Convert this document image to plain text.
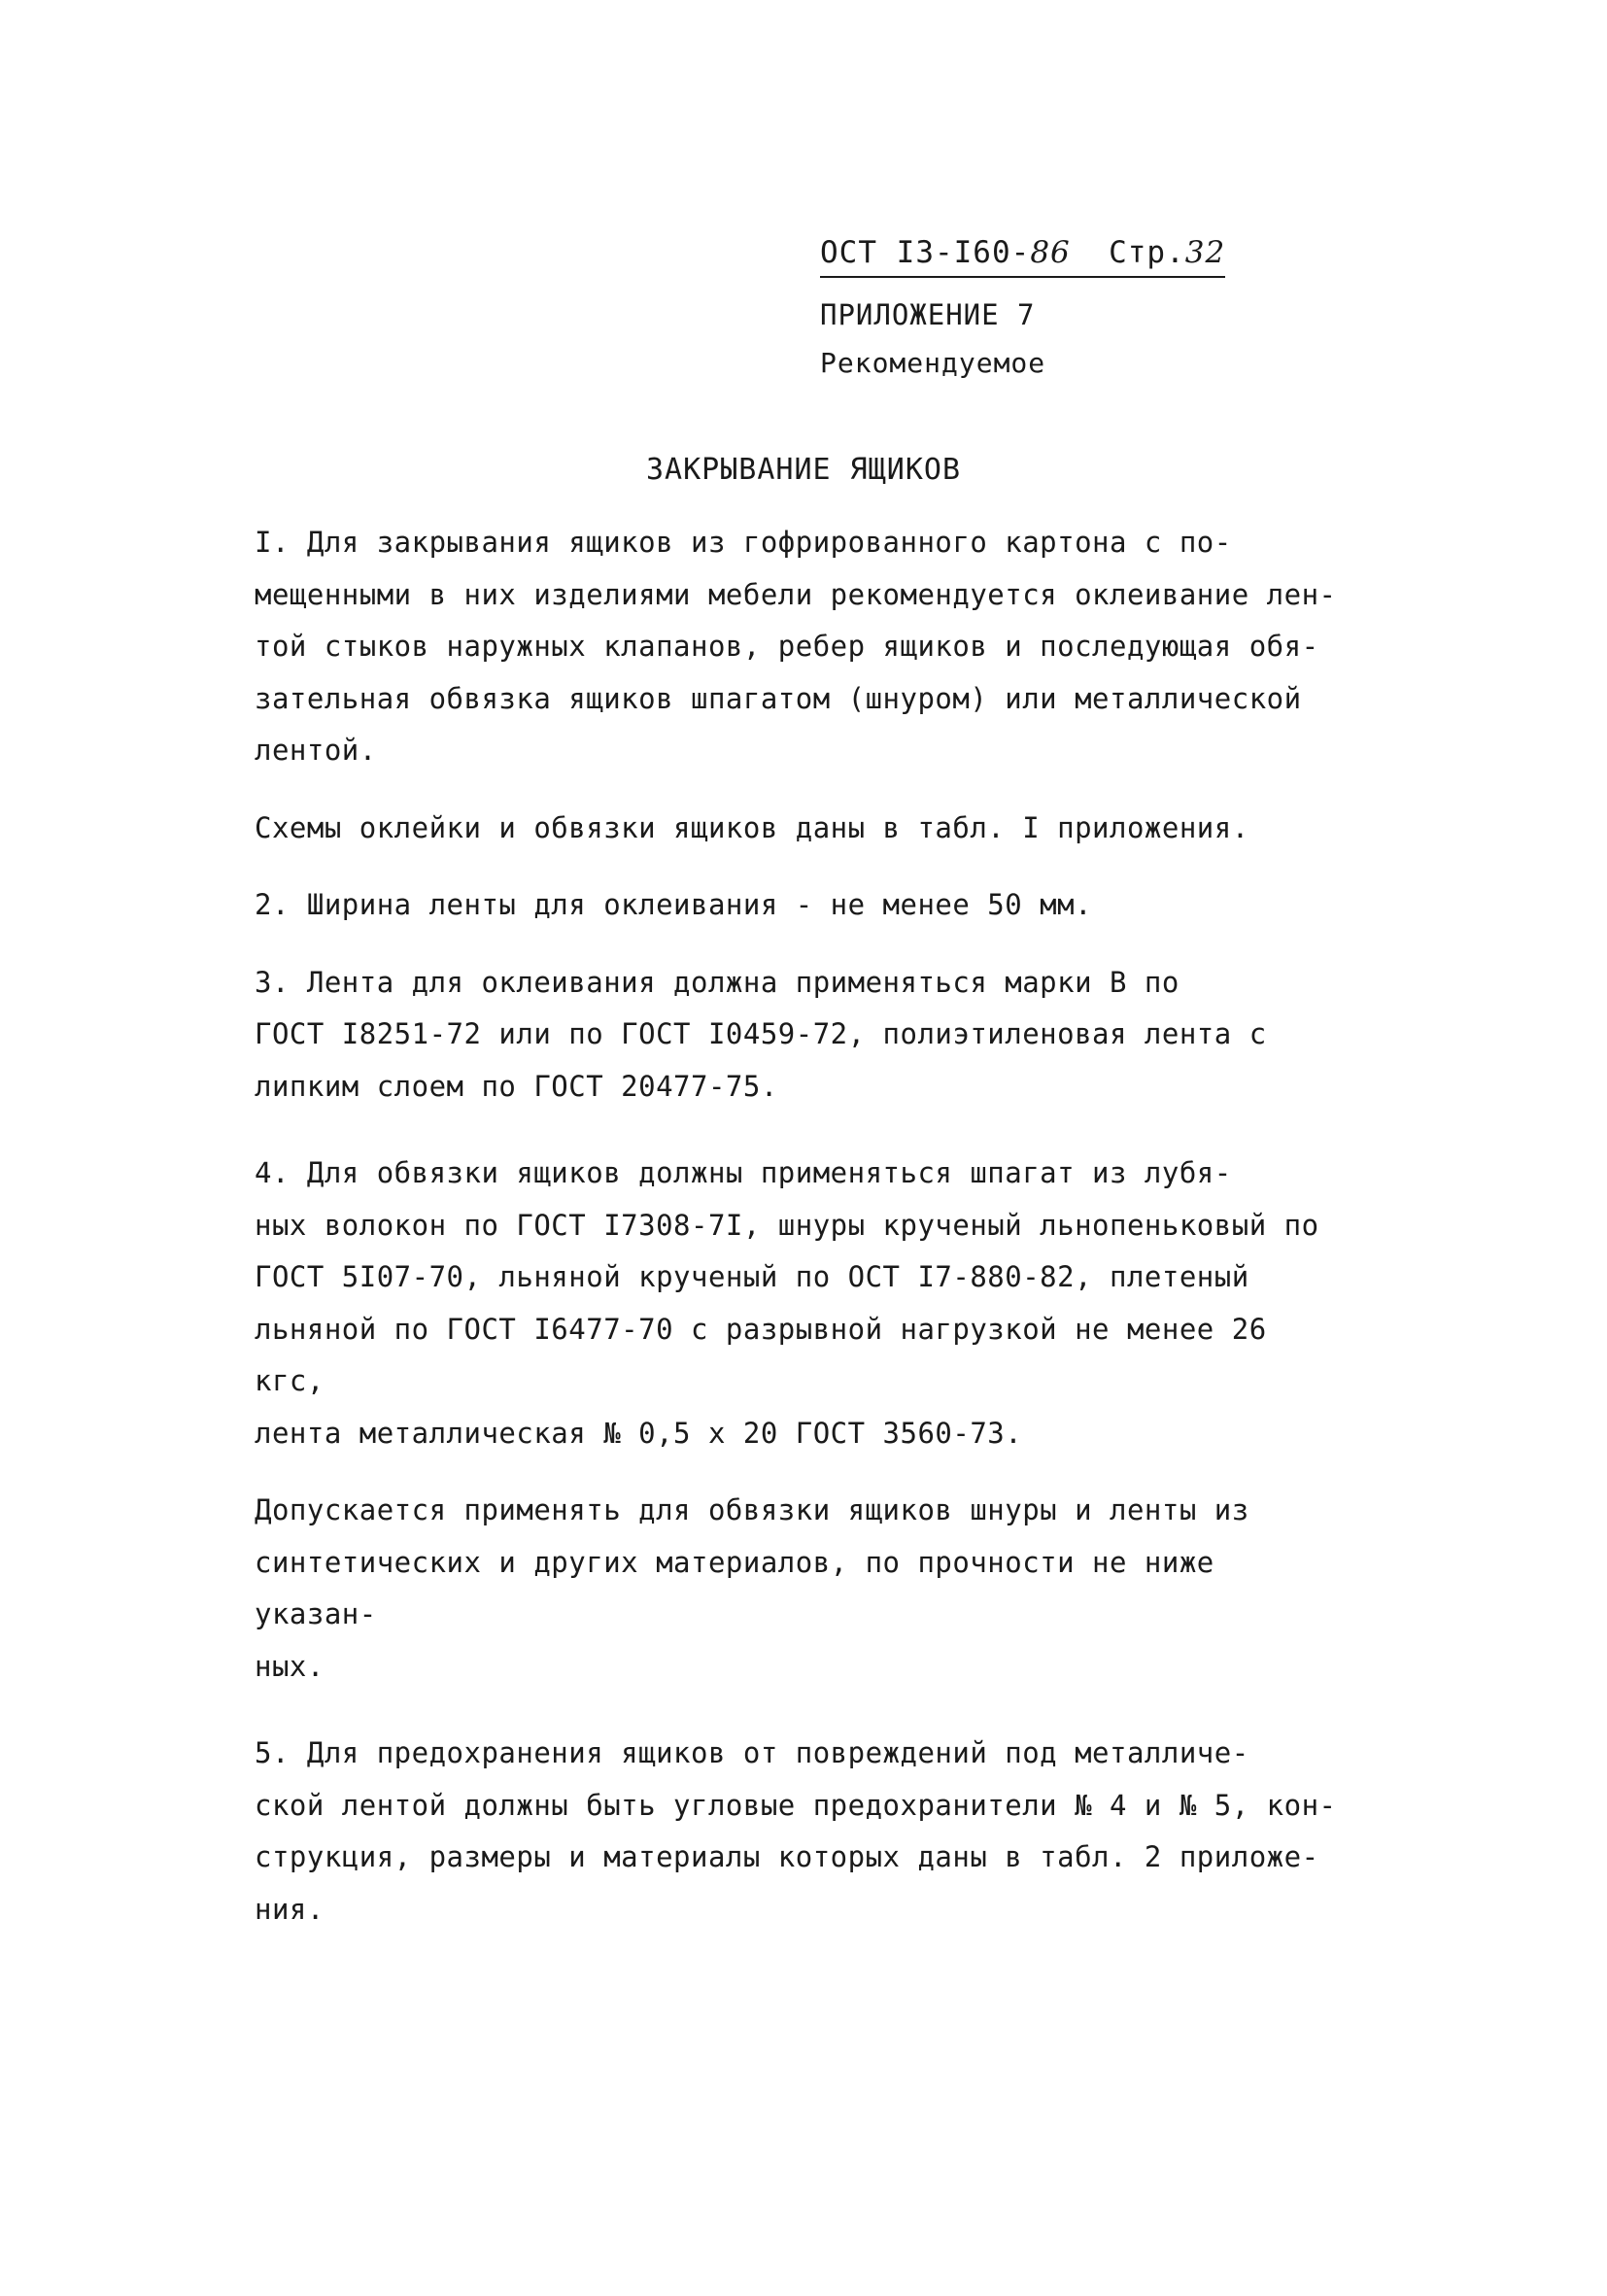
ОСТ I3-I60-86 Стр.32
ПРИЛОЖЕНИЕ 7
Рекомендуемое
ЗАКРЫВАНИЕ ЯЩИКОВ

I. Для закрывания ящиков из гофрированного картона с по-
мещенными в них изделиями мебели рекомендуется оклеивание лен-
той стыков наружных клапанов, ребер ящиков и последующая обя-
зательная обвязка ящиков шпагатом (шнуром) или металлической
лентой.

Схемы оклейки и обвязки ящиков даны в табл. I приложения.

2. Ширина ленты для оклеивания - не менее 50 мм.

3. Лента для оклеивания должна применяться марки В по
ГОСТ I8251-72 или по ГОСТ I0459-72, полиэтиленовая лента с
липким слоем по ГОСТ 20477-75.

4. Для обвязки ящиков должны применяться шпагат из лубя-
ных волокон по ГОСТ I7308-7I, шнуры крученый льнопеньковый по
ГОСТ 5I07-70, льняной крученый по ОСТ I7-880-82, плетеный
льняной по ГОСТ I6477-70 с разрывной нагрузкой не менее 26 кгс,
лента металлическая № 0,5 х 20 ГОСТ 3560-73.

Допускается применять для обвязки ящиков шнуры и ленты из
синтетических и других материалов, по прочности не ниже указан-
ных.

5. Для предохранения ящиков от повреждений под металличе-
ской лентой должны быть угловые предохранители № 4 и № 5, кон-
струкция, размеры и материалы которых даны в табл. 2 приложе-
ния.
